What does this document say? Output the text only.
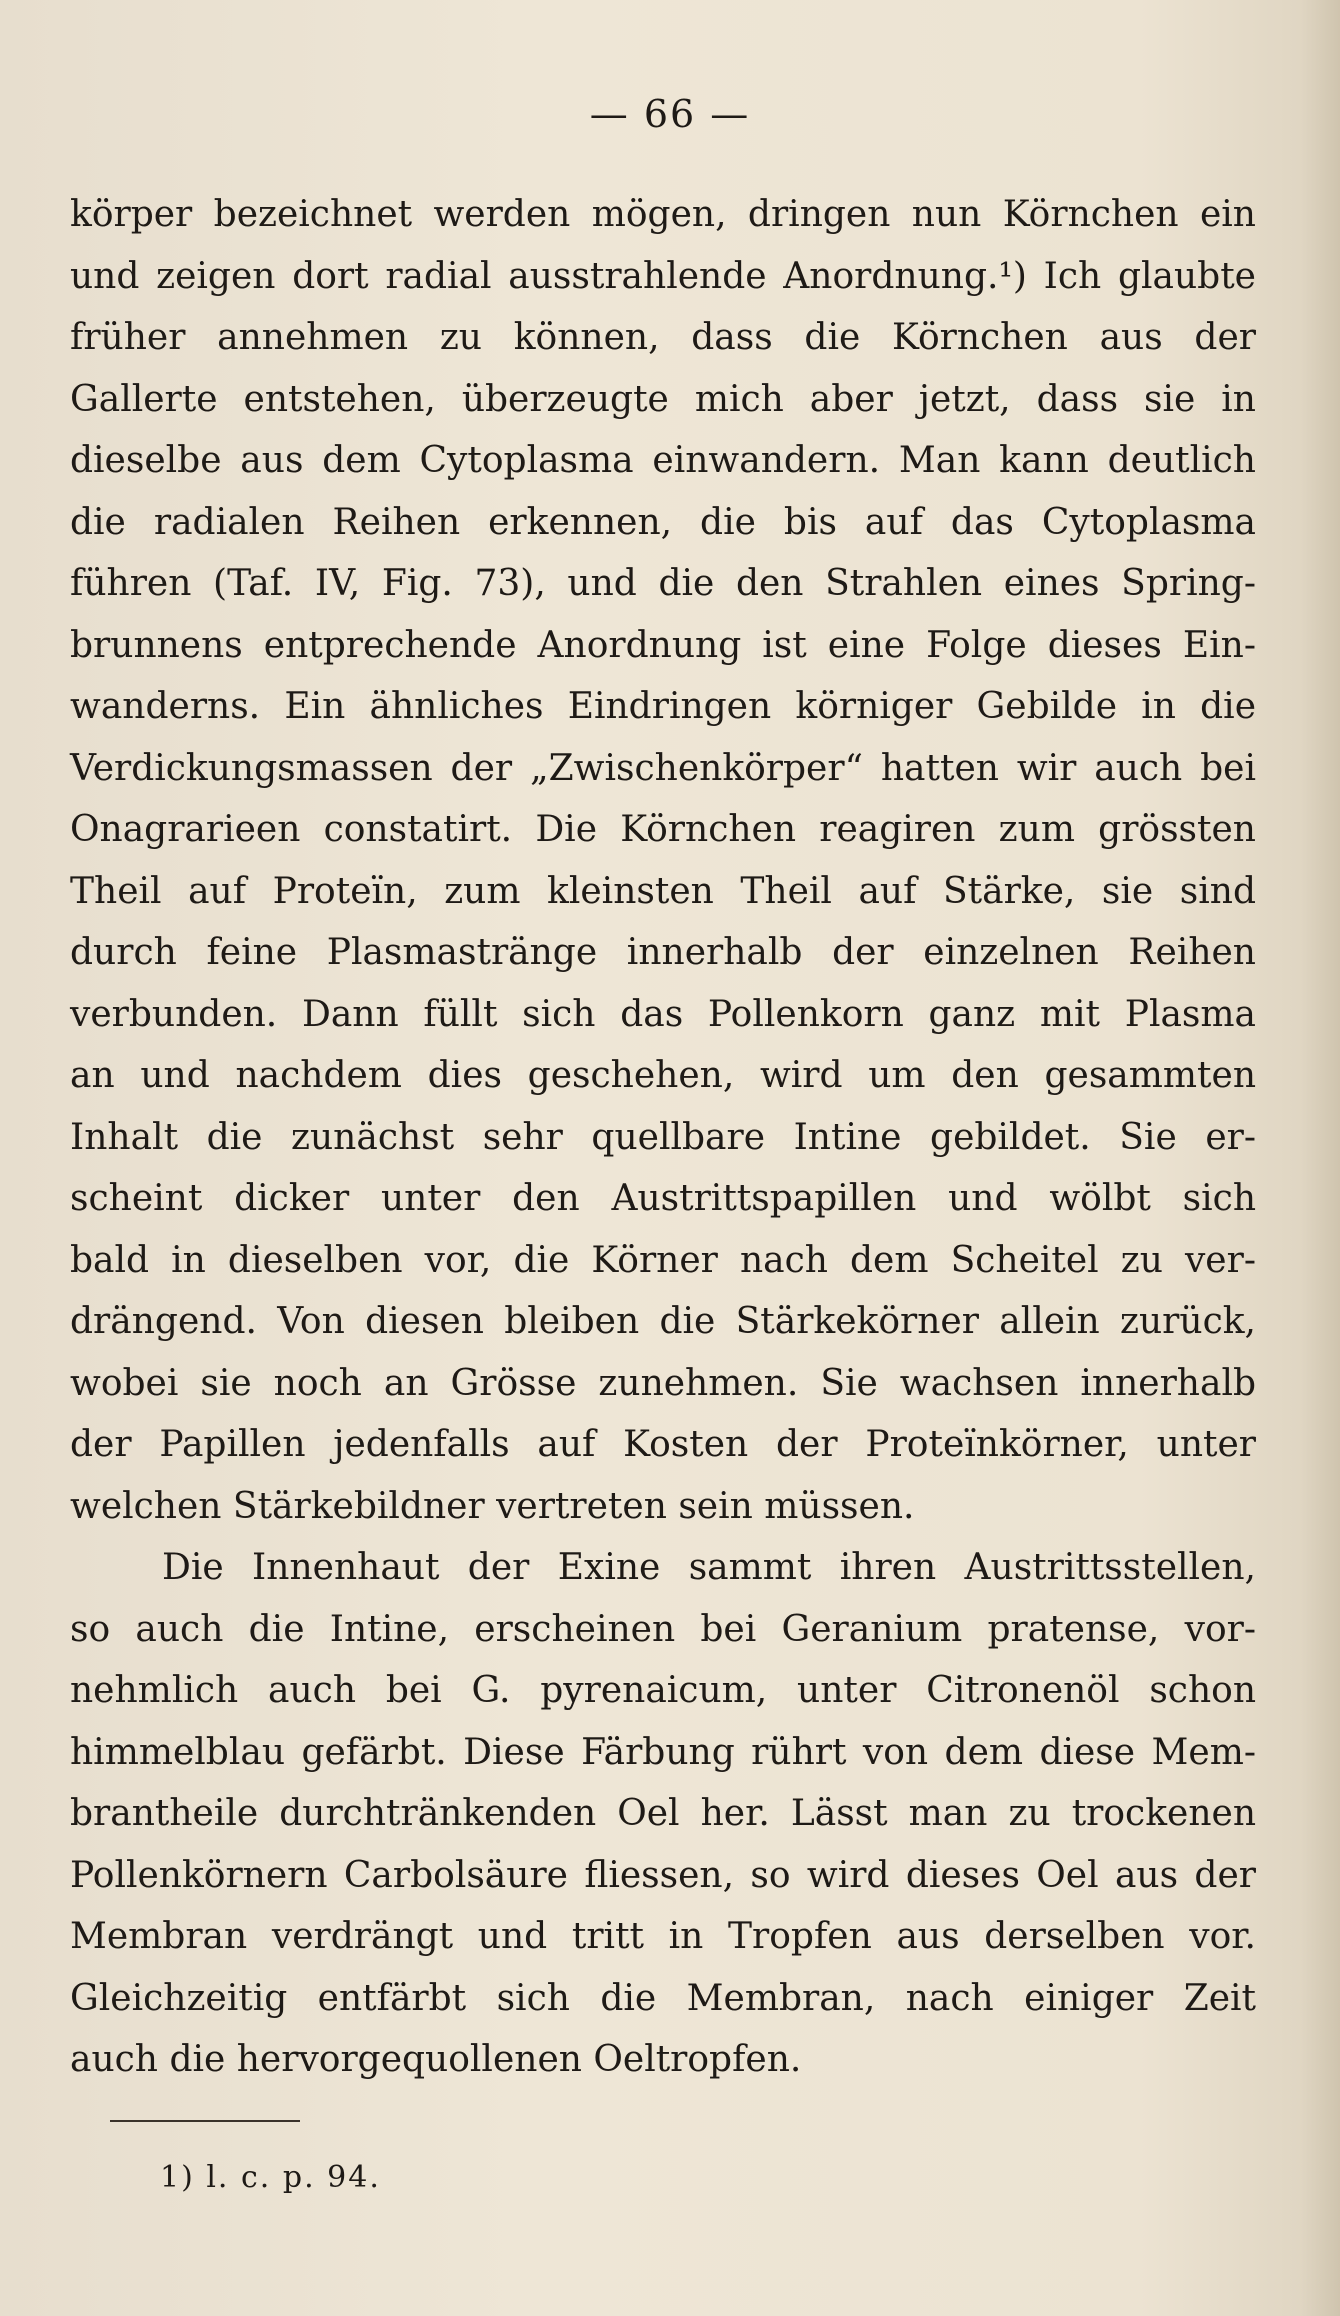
— 66 —
körper bezeichnet werden mögen, dringen nun Körnchen ein
und zeigen dort radial ausstrahlende Anordnung.¹) Ich glaubte
früher annehmen zu können, dass die Körnchen aus der
Gallerte entstehen, überzeugte mich aber jetzt, dass sie in
dieselbe aus dem Cytoplasma einwandern. Man kann deutlich
die radialen Reihen erkennen, die bis auf das Cytoplasma
führen (Taf. IV, Fig. 73), und die den Strahlen eines Spring-
brunnens entprechende Anordnung ist eine Folge dieses Ein-
wanderns. Ein ähnliches Eindringen körniger Gebilde in die
Verdickungsmassen der „Zwischenkörper“ hatten wir auch bei
Onagrarieen constatirt. Die Körnchen reagiren zum grössten
Theil auf Proteïn, zum kleinsten Theil auf Stärke, sie sind
durch feine Plasmastränge innerhalb der einzelnen Reihen
verbunden. Dann füllt sich das Pollenkorn ganz mit Plasma
an und nachdem dies geschehen, wird um den gesammten
Inhalt die zunächst sehr quellbare Intine gebildet. Sie er-
scheint dicker unter den Austrittspapillen und wölbt sich
bald in dieselben vor, die Körner nach dem Scheitel zu ver-
drängend. Von diesen bleiben die Stärkekörner allein zurück,
wobei sie noch an Grösse zunehmen. Sie wachsen innerhalb
der Papillen jedenfalls auf Kosten der Proteïnkörner, unter
welchen Stärkebildner vertreten sein müssen.
Die Innenhaut der Exine sammt ihren Austrittsstellen,
so auch die Intine, erscheinen bei Geranium pratense, vor-
nehmlich auch bei G. pyrenaicum, unter Citronenöl schon
himmelblau gefärbt. Diese Färbung rührt von dem diese Mem-
brantheile durchtränkenden Oel her. Lässt man zu trockenen
Pollenkörnern Carbolsäure fliessen, so wird dieses Oel aus der
Membran verdrängt und tritt in Tropfen aus derselben vor.
Gleichzeitig entfärbt sich die Membran, nach einiger Zeit
auch die hervorgequollenen Oeltropfen.
1) l. c. p. 94.
